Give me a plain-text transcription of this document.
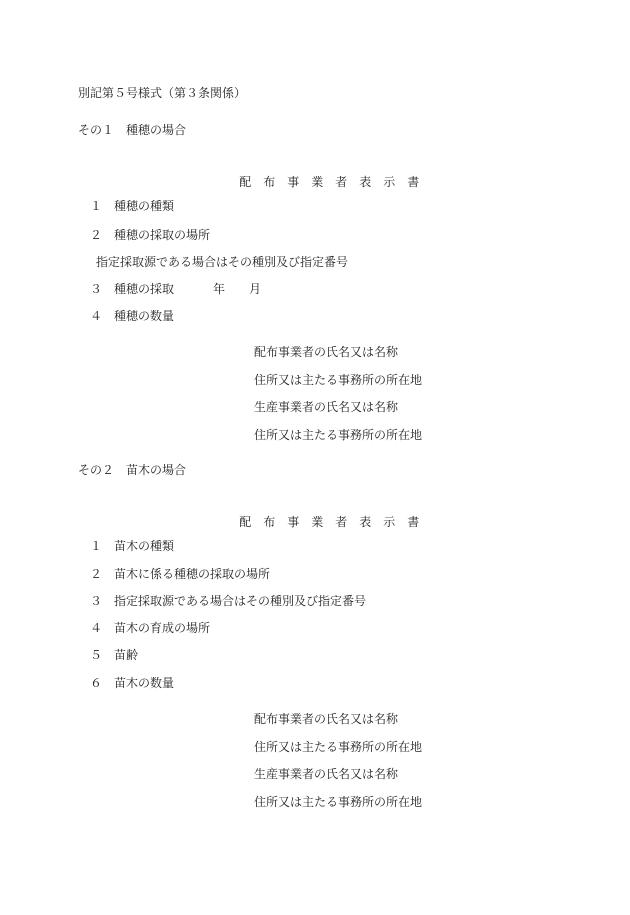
別記第５号様式（第３条関係）
その１　種穂の場合

配 布 事 業 者 表 示 書

１　種穂の種類
２　種穂の採取の場所
指定採取源である場合はその種別及び指定番号
３　種穂の採取	年 月
４　種穂の数量
配布事業者の氏名又は名称
住所又は主たる事務所の所在地
生産事業者の氏名又は名称
住所又は主たる事務所の所在地
その２　苗木の場合

配 布 事 業 者 表 示 書

１　苗木の種類
２　苗木に係る種穂の採取の場所
３　指定採取源である場合はその種別及び指定番号
４　苗木の育成の場所
５　苗齢
６　苗木の数量
配布事業者の氏名又は名称
住所又は主たる事務所の所在地
生産事業者の氏名又は名称
住所又は主たる事務所の所在地
